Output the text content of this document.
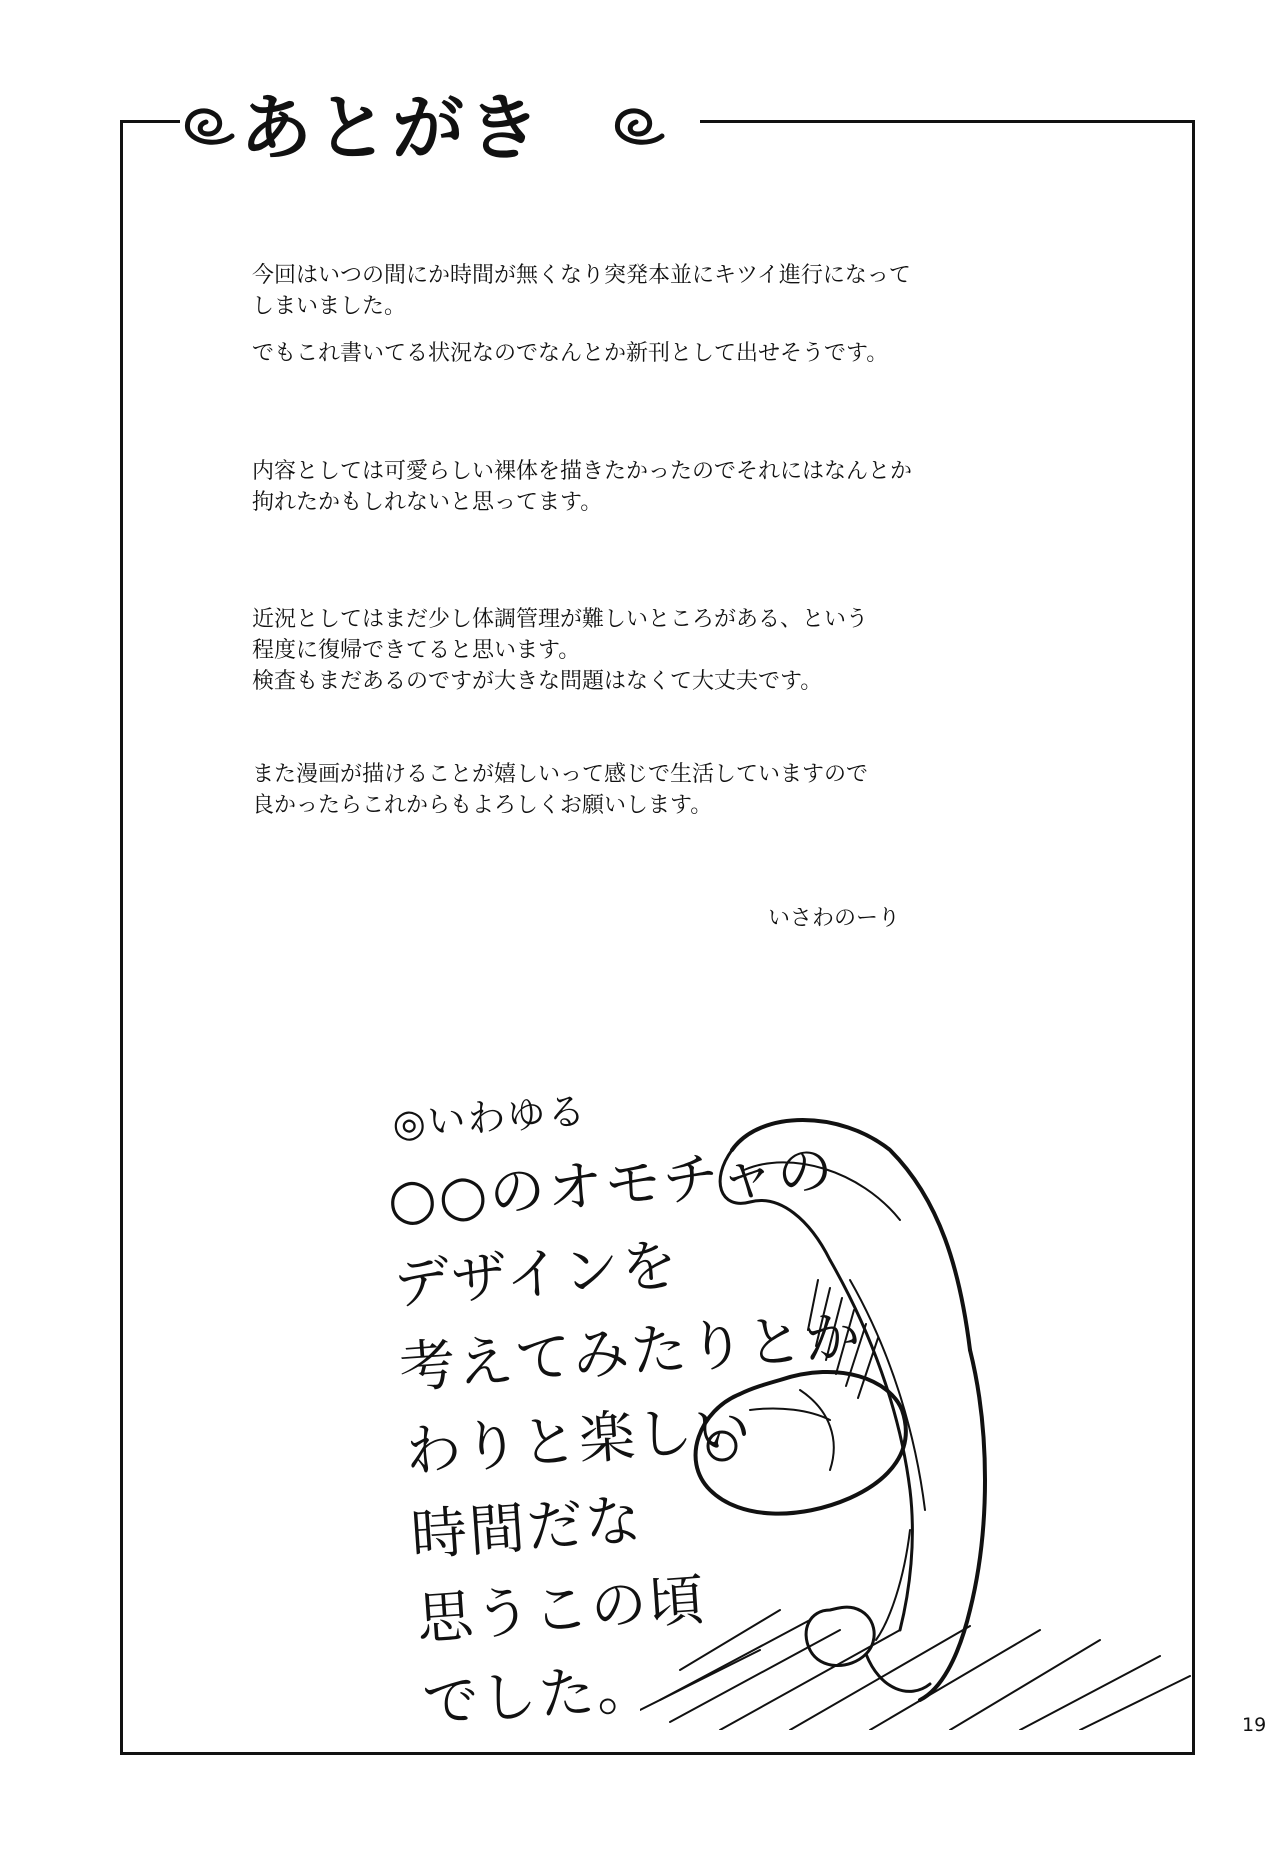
あとがき
今回はいつの間にか時間が無くなり突発本並にキツイ進行になって
しまいました。
でもこれ書いてる状況なのでなんとか新刊として出せそうです。
内容としては可愛らしい裸体を描きたかったのでそれにはなんとか
拘れたかもしれないと思ってます。
近況としてはまだ少し体調管理が難しいところがある、という
程度に復帰できてると思います。
検査もまだあるのですが大きな問題はなくて大丈夫です。
また漫画が描けることが嬉しいって感じで生活していますので
良かったらこれからもよろしくお願いします。
いさわのーり
◎いわゆる
○○のオモチャの
デザインを
考えてみたりとか
わりと楽しい
時間だな
思うこの頃
でした。	19
